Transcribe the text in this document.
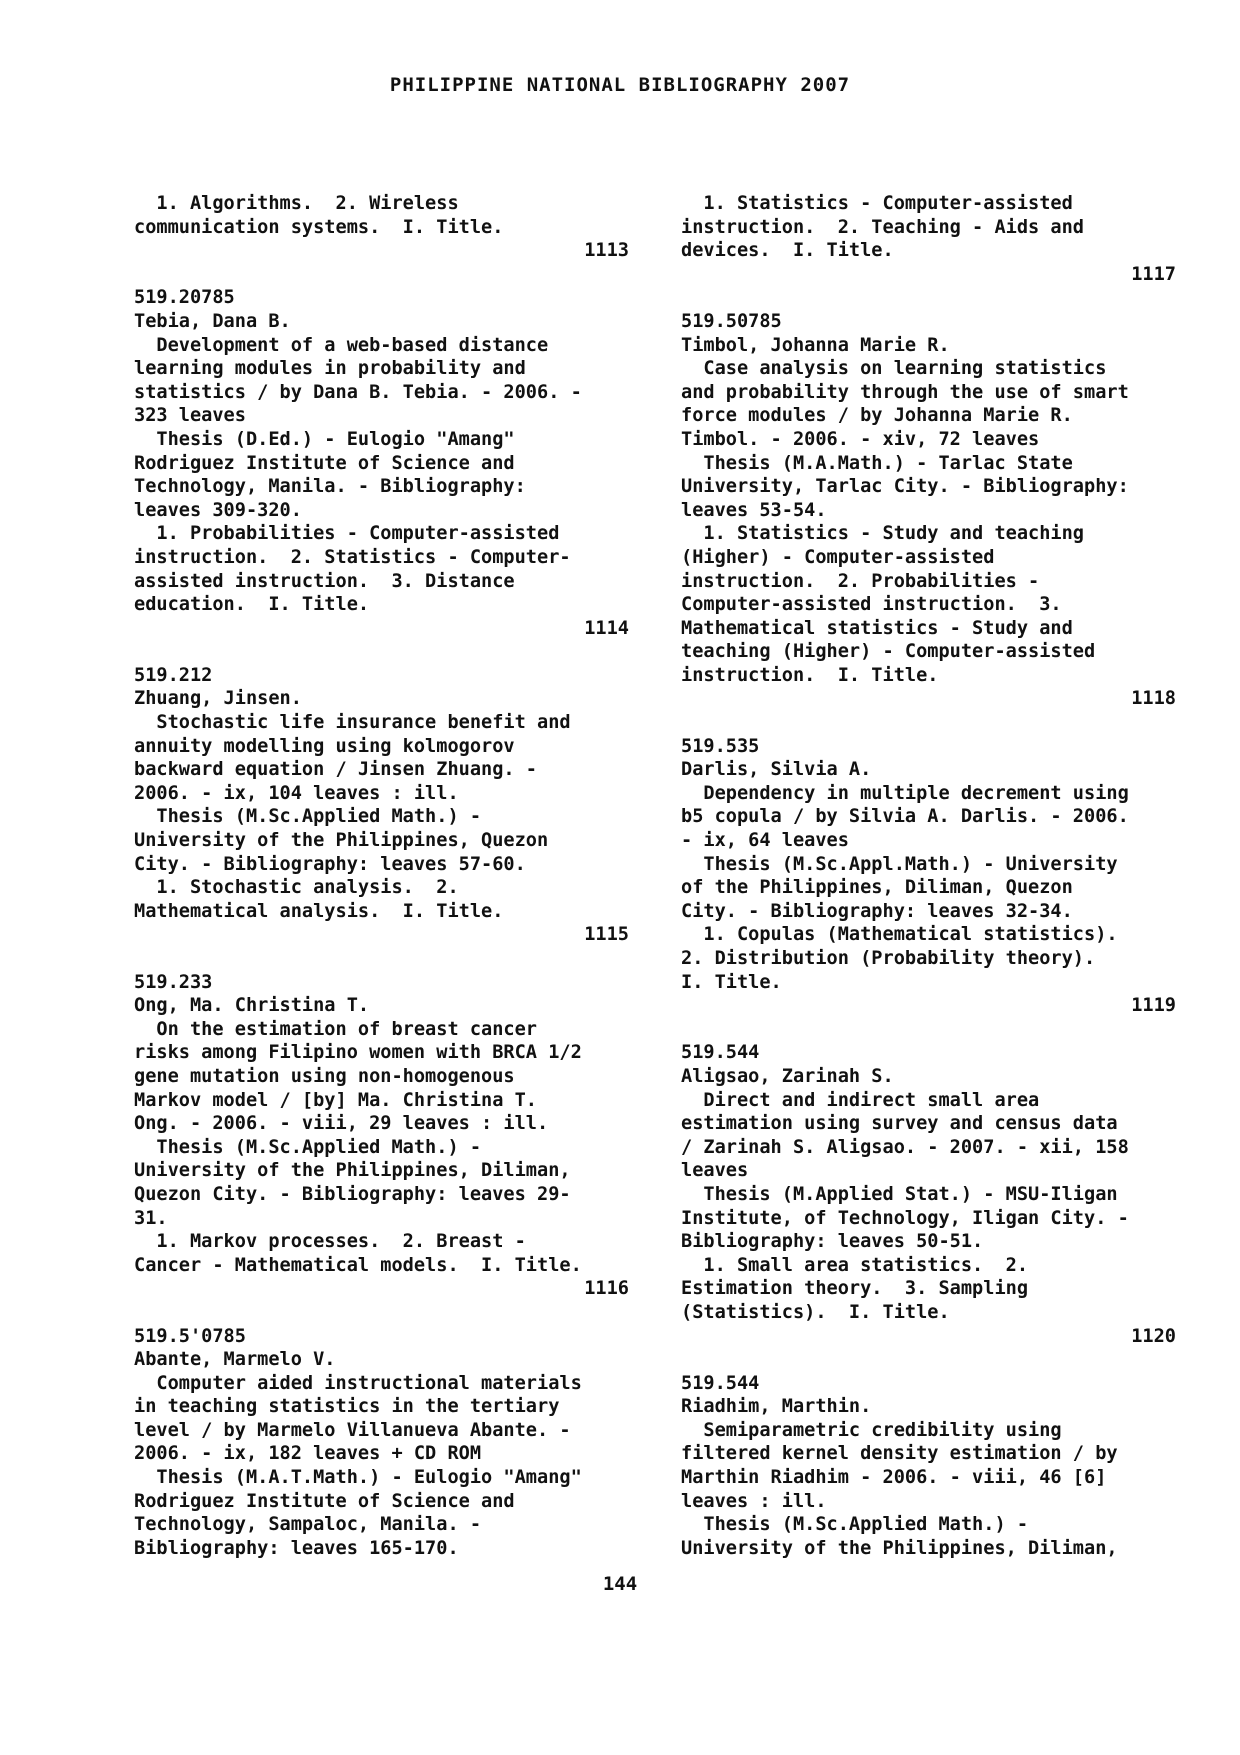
PHILIPPINE NATIONAL BIBLIOGRAPHY 2007
1. Algorithms.  2. Wireless
communication systems.  I. Title.
1113
519.20785
Tebia, Dana B.
Development of a web-based distance
learning modules in probability and
statistics / by Dana B. Tebia. - 2006. -
323 leaves
Thesis (D.Ed.) - Eulogio "Amang"
Rodriguez Institute of Science and
Technology, Manila. - Bibliography:
leaves 309-320.
1. Probabilities - Computer-assisted
instruction.  2. Statistics - Computer-
assisted instruction.  3. Distance
education.  I. Title.
1114
519.212
Zhuang, Jinsen.
Stochastic life insurance benefit and
annuity modelling using kolmogorov
backward equation / Jinsen Zhuang. -
2006. - ix, 104 leaves : ill.
Thesis (M.Sc.Applied Math.) -
University of the Philippines, Quezon
City. - Bibliography: leaves 57-60.
1. Stochastic analysis.  2.
Mathematical analysis.  I. Title.
1115
519.233
Ong, Ma. Christina T.
On the estimation of breast cancer
risks among Filipino women with BRCA 1/2
gene mutation using non-homogenous
Markov model / [by] Ma. Christina T.
Ong. - 2006. - viii, 29 leaves : ill.
Thesis (M.Sc.Applied Math.) -
University of the Philippines, Diliman,
Quezon City. - Bibliography: leaves 29-
31.
1. Markov processes.  2. Breast -
Cancer - Mathematical models.  I. Title.
1116
519.5'0785
Abante, Marmelo V.
Computer aided instructional materials
in teaching statistics in the tertiary
level / by Marmelo Villanueva Abante. -
2006. - ix, 182 leaves + CD ROM
Thesis (M.A.T.Math.) - Eulogio "Amang"
Rodriguez Institute of Science and
Technology, Sampaloc, Manila. -
Bibliography: leaves 165-170.
1. Statistics - Computer-assisted
instruction.  2. Teaching - Aids and
devices.  I. Title.
1117
519.50785
Timbol, Johanna Marie R.
Case analysis on learning statistics
and probability through the use of smart
force modules / by Johanna Marie R.
Timbol. - 2006. - xiv, 72 leaves
Thesis (M.A.Math.) - Tarlac State
University, Tarlac City. - Bibliography:
leaves 53-54.
1. Statistics - Study and teaching
(Higher) - Computer-assisted
instruction.  2. Probabilities -
Computer-assisted instruction.  3.
Mathematical statistics - Study and
teaching (Higher) - Computer-assisted
instruction.  I. Title.
1118
519.535
Darlis, Silvia A.
Dependency in multiple decrement using
b5 copula / by Silvia A. Darlis. - 2006.
- ix, 64 leaves
Thesis (M.Sc.Appl.Math.) - University
of the Philippines, Diliman, Quezon
City. - Bibliography: leaves 32-34.
1. Copulas (Mathematical statistics).
2. Distribution (Probability theory).
I. Title.
1119
519.544
Aligsao, Zarinah S.
Direct and indirect small area
estimation using survey and census data
/ Zarinah S. Aligsao. - 2007. - xii, 158
leaves
Thesis (M.Applied Stat.) - MSU-Iligan
Institute, of Technology, Iligan City. -
Bibliography: leaves 50-51.
1. Small area statistics.  2.
Estimation theory.  3. Sampling
(Statistics).  I. Title.
1120
519.544
Riadhim, Marthin.
Semiparametric credibility using
filtered kernel density estimation / by
Marthin Riadhim - 2006. - viii, 46 [6]
leaves : ill.
Thesis (M.Sc.Applied Math.) -
University of the Philippines, Diliman,
144
